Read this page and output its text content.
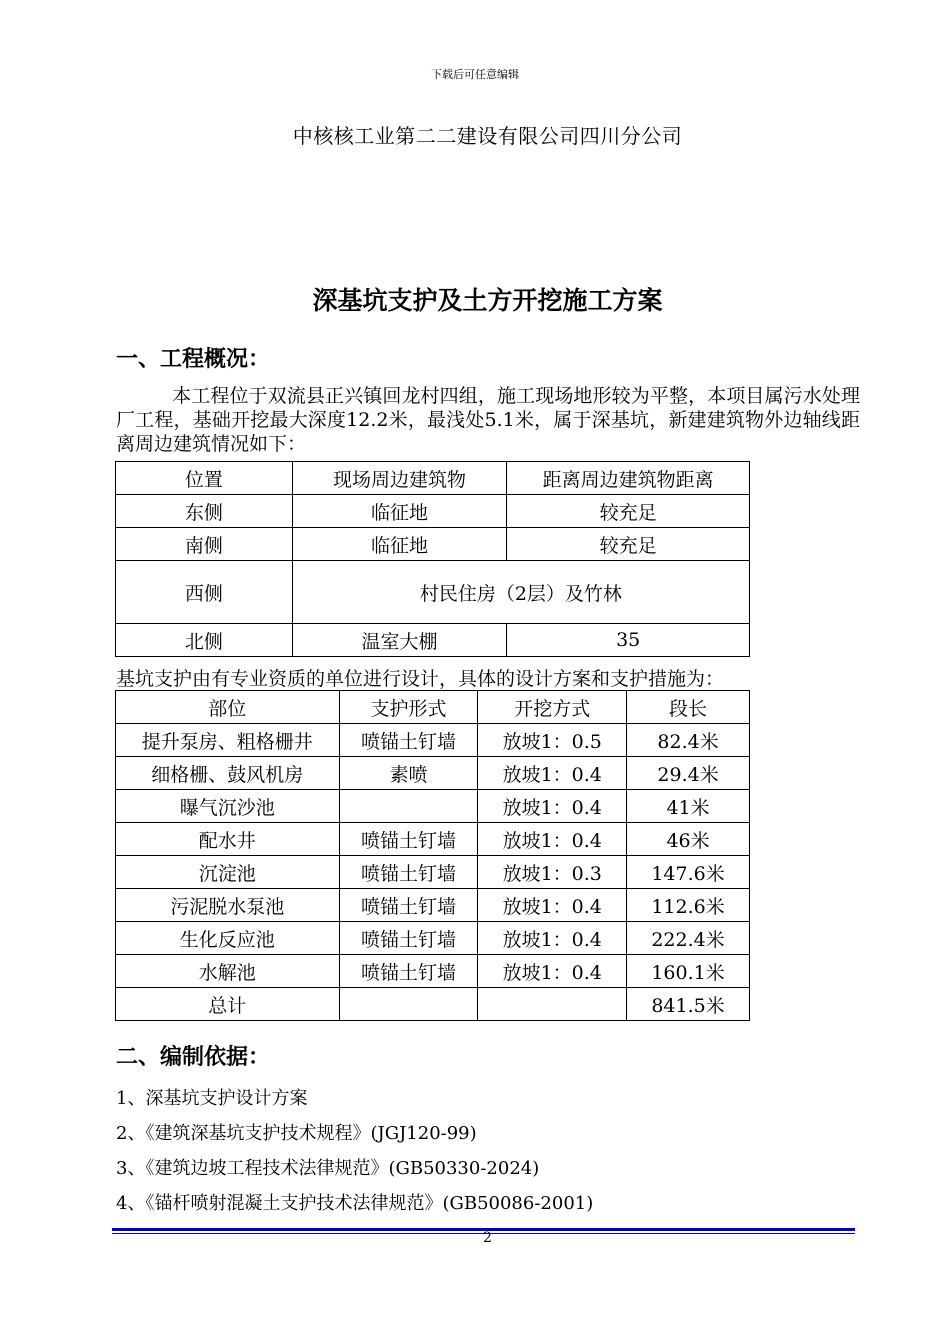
下载后可任意编辑
中核核工业第二二建设有限公司四川分公司
深基坑支护及土方开挖施工方案
一、工程概况：
本工程位于双流县正兴镇回龙村四组，施工现场地形较为平整，本项目属污水处理厂工程，基础开挖最大深度12.2米，最浅处5.1米，属于深基坑，新建建筑物外边轴线距离周边建筑情况如下：
位置	现场周边建筑物	距离周边建筑物距离
东侧	临征地	较充足
南侧	临征地	较充足
西侧	村民住房（2层）及竹林	
北侧	温室大棚	35
基坑支护由有专业资质的单位进行设计，具体的设计方案和支护措施为：
部位	支护形式	开挖方式	段长
提升泵房、粗格栅井	喷锚土钉墙	放坡1：0.5	82.4米
细格栅、鼓风机房	素喷	放坡1：0.4	29.4米
曝气沉沙池		放坡1：0.4	41米
配水井	喷锚土钉墙	放坡1：0.4	46米
沉淀池	喷锚土钉墙	放坡1：0.3	147.6米
污泥脱水泵池	喷锚土钉墙	放坡1：0.4	112.6米
生化反应池	喷锚土钉墙	放坡1：0.4	222.4米
水解池	喷锚土钉墙	放坡1：0.4	160.1米
总计			841.5米
二、编制依据：
1、深基坑支护设计方案
2、《建筑深基坑支护技术规程》(JGJ120-99)
3、《建筑边坡工程技术法律规范》(GB50330-2024)
4、《锚杆喷射混凝土支护技术法律规范》(GB50086-2001)
2
